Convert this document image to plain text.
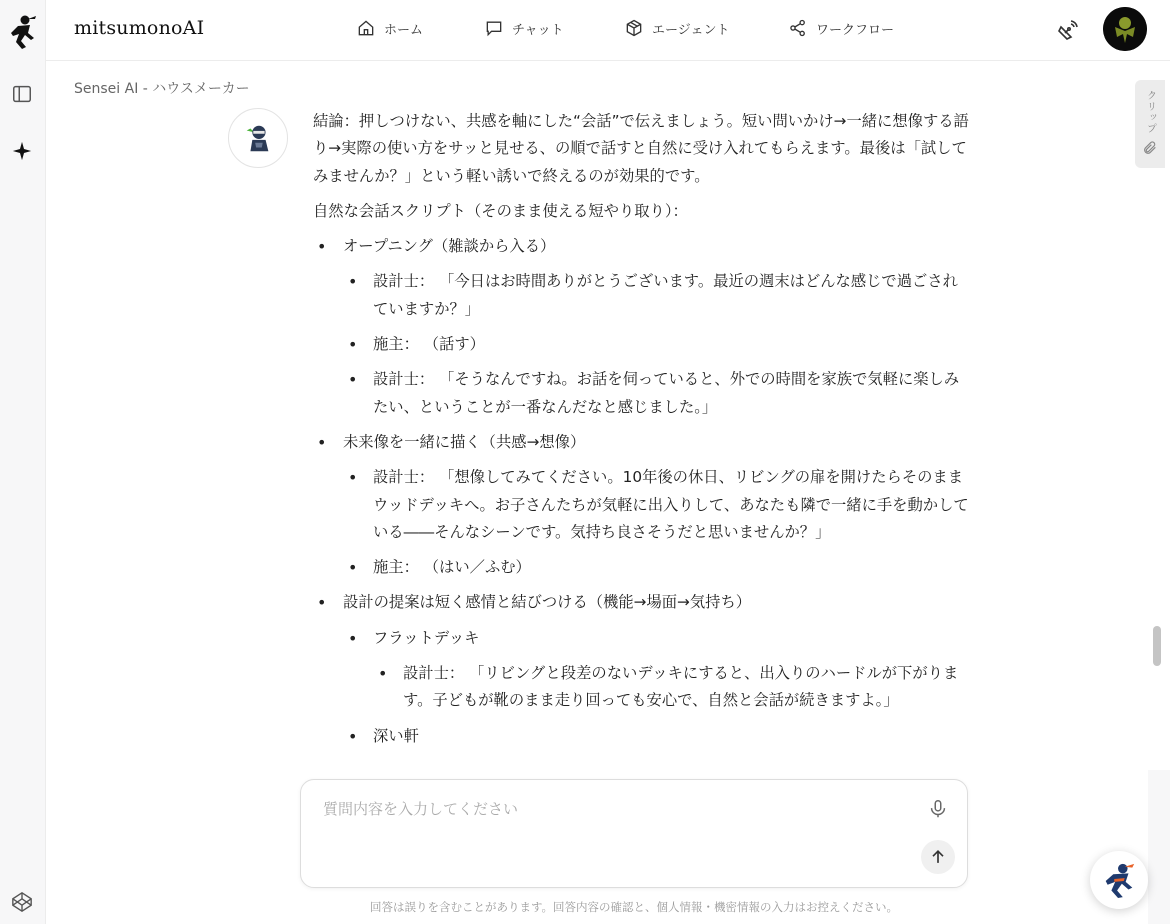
mitsumonoAI	ホーム	チャット	エージェント	ワークフロー
Sensei AI - ハウスメーカー

結論：押しつけない、共感を軸にした“会話”で伝えましょう。短い問いかけ→一緒に想像する語り→実際の使い方をサッと見せる、の順で話すと自然に受け入れてもらえます。最後は「試してみませんか？」という軽い誘いで終えるのが効果的です。

自然な会話スクリプト（そのまま使える短やり取り）：

• オープニング（雑談から入る）
• 設計士： 「今日はお時間ありがとうございます。最近の週末はどんな感じで過ごされていますか？」
• 施主： （話す）
• 設計士： 「そうなんですね。お話を伺っていると、外での時間を家族で気軽に楽しみたい、ということが一番なんだなと感じました。」
• 未来像を一緒に描く（共感→想像）
• 設計士： 「想像してみてください。10年後の休日、リビングの扉を開けたらそのままウッドデッキへ。お子さんたちが気軽に出入りして、あなたも隣で一緒に手を動かしている――そんなシーンです。気持ち良さそうだと思いませんか？」
• 施主： （はい／ふむ）
• 設計の提案は短く感情と結びつける（機能→場面→気持ち）
• フラットデッキ
• 設計士： 「リビングと段差のないデッキにすると、出入りのハードルが下がります。子どもが靴のまま走り回っても安心で、自然と会話が続きますよ。」
• 深い軒
クリップ
質問内容を入力してください
回答は誤りを含むことがあります。回答内容の確認と、個人情報・機密情報の入力はお控えください。
